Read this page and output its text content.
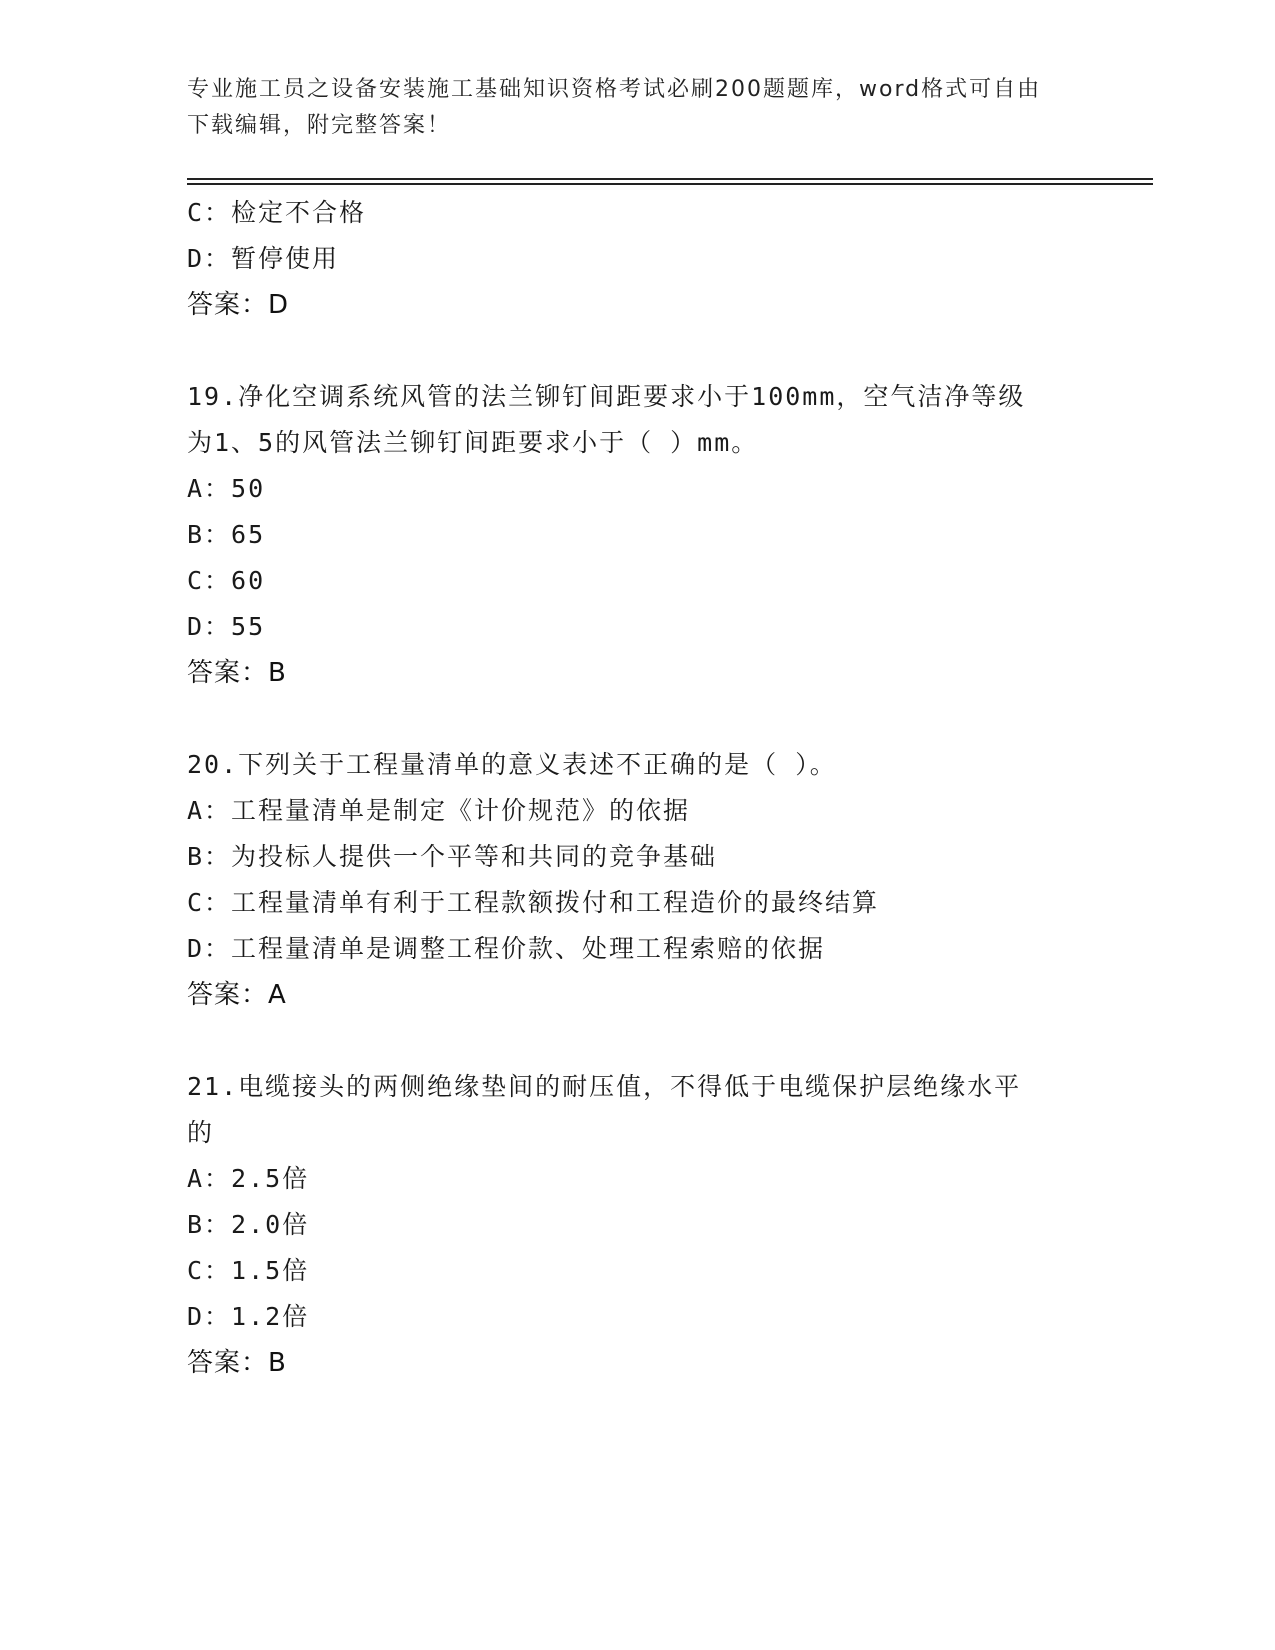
专业施工员之设备安装施工基础知识资格考试必刷200题题库，word格式可自由
下载编辑，附完整答案！
C：检定不合格
D：暂停使用
答案：D
19.净化空调系统风管的法兰铆钉间距要求小于100mm，空气洁净等级
为1、5的风管法兰铆钉间距要求小于（ ）mm。
A：50
B：65
C：60
D：55
答案：B
20.下列关于工程量清单的意义表述不正确的是（ ）。
A：工程量清单是制定《计价规范》的依据
B：为投标人提供一个平等和共同的竞争基础
C：工程量清单有利于工程款额拨付和工程造价的最终结算
D：工程量清单是调整工程价款、处理工程索赔的依据
答案：A
21.电缆接头的两侧绝缘垫间的耐压值，不得低于电缆保护层绝缘水平
的
A：2.5倍
B：2.0倍
C：1.5倍
D：1.2倍
答案：B
